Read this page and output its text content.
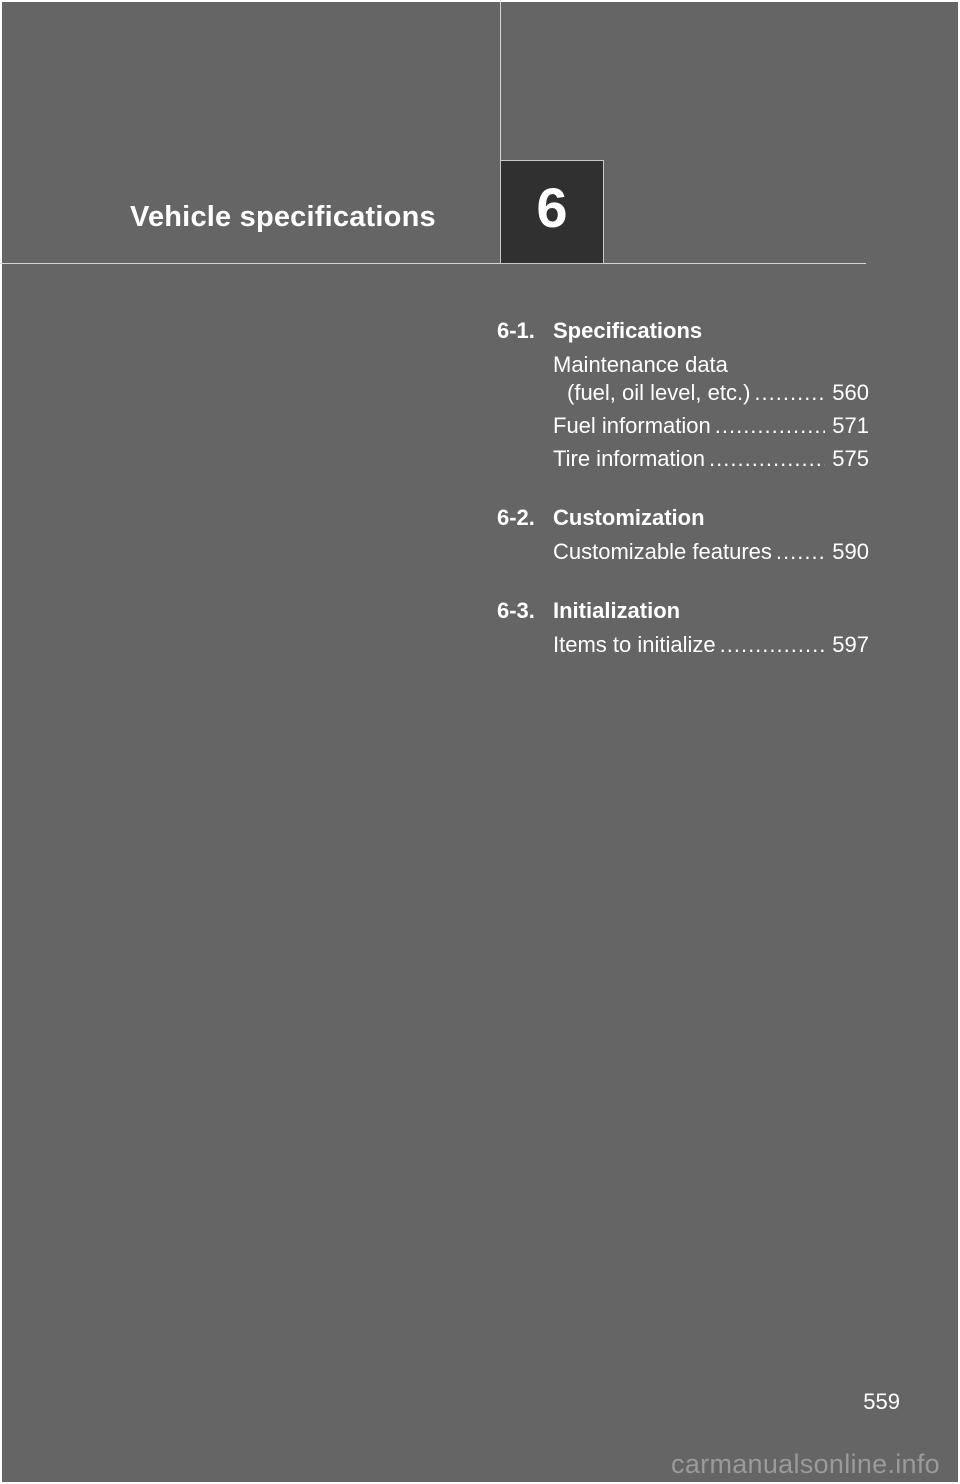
Vehicle specifications 6
6-1. Specifications
Maintenance data
(fuel, oil level, etc.) .....	560
Fuel information .....	571
Tire information .....	575
6-2. Customization
Customizable features .....	590
6-3. Initialization
Items to initialize .....	597
559
carmanualsonline.info
